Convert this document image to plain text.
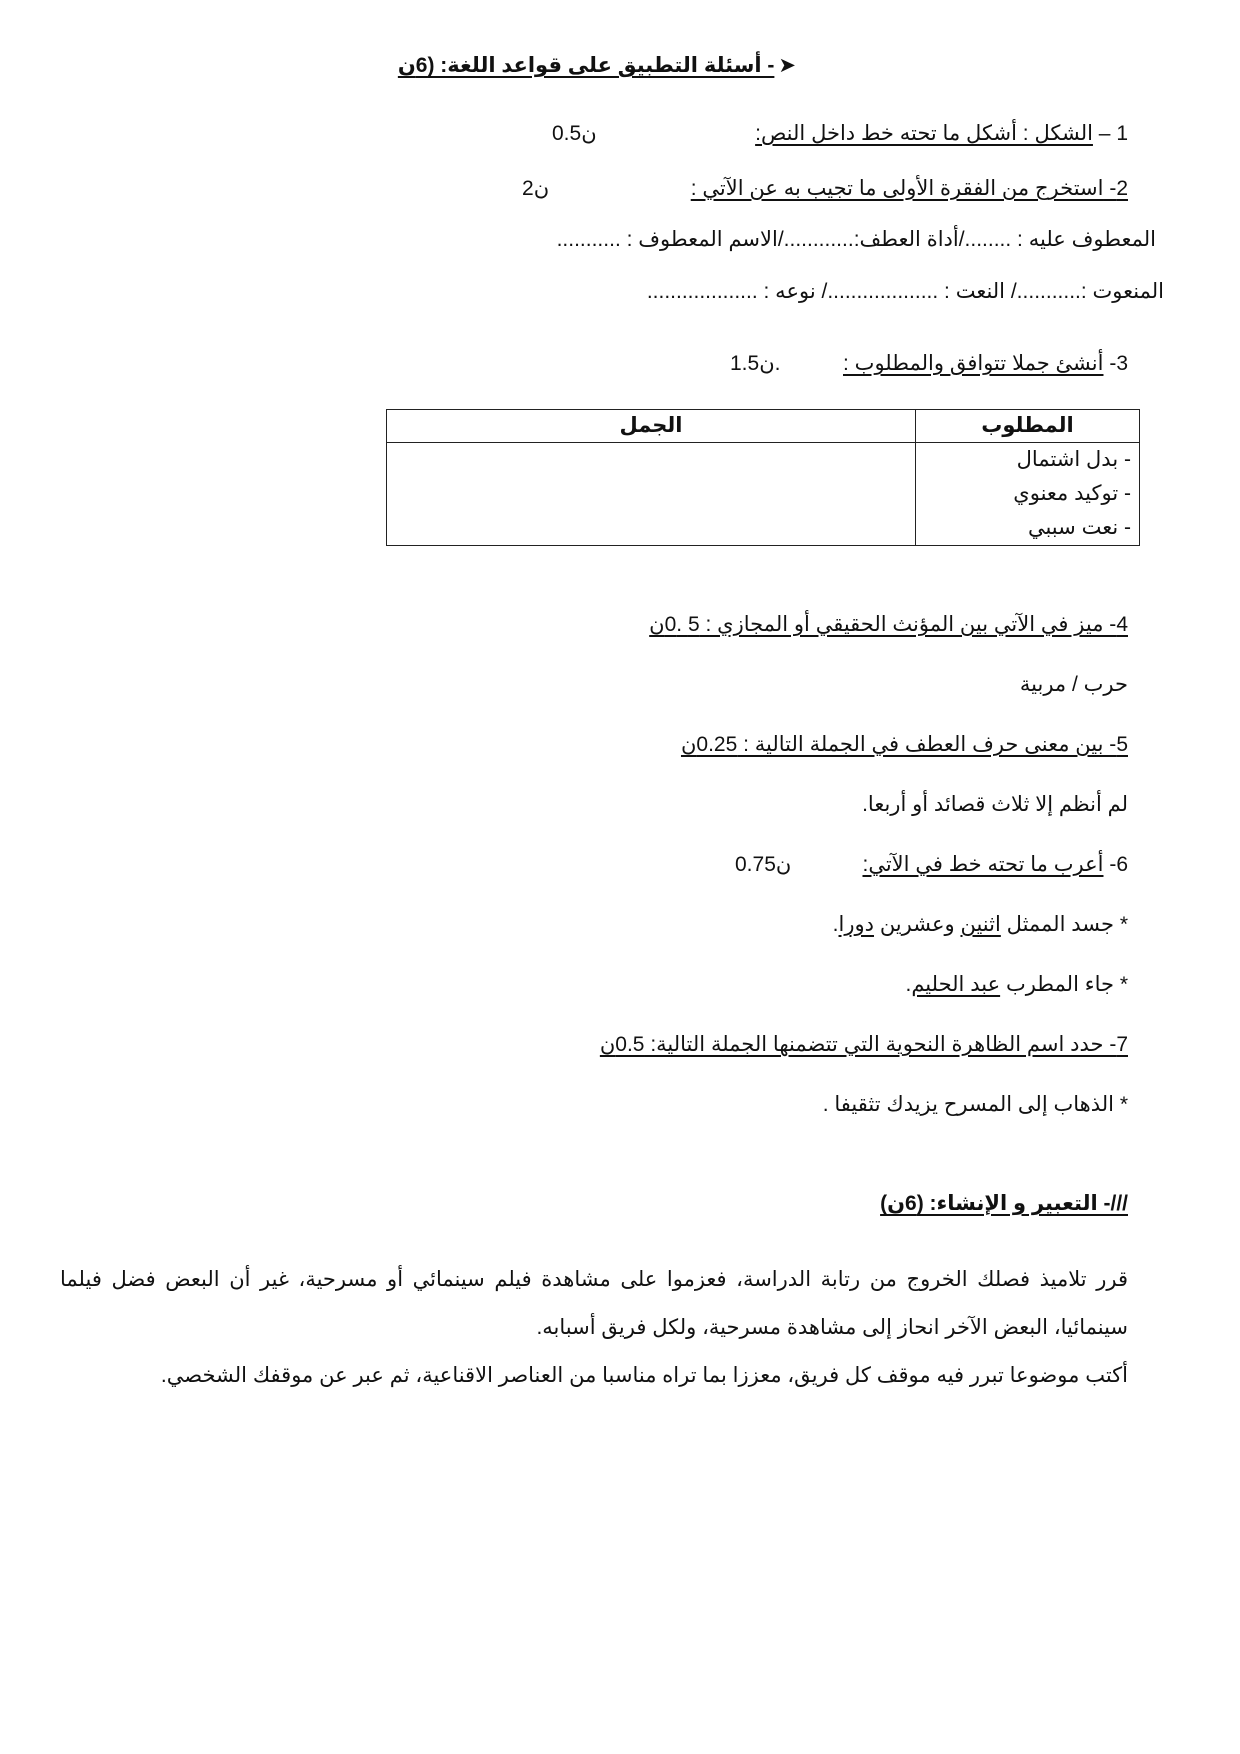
➤- أسئلة التطبيق على قواعد اللغة: (6ن
1 – الشكل : أشكل ما تحته خط داخل النص:
0.5ن
2- استخرج من الفقرة الأولى ما تجيب به عن الآتي :
2ن
المعطوف عليه : ......../أداة العطف:............/الاسم المعطوف : ...........
المنعوت :.........../ النعت : .................../ نوعه : ...................
3- أنشئ جملا تتوافق والمطلوب :
1.5ن.
المطلوب	الجمل

- بدل اشتمال
- توكيد معنوي
- نعت سببي	

4- ميز في الآتي بين المؤنث الحقيقي أو المجازي : 5 .0ن
حرب / مربية
5- بين معنى حرف العطف في الجملة التالية : 0.25ن
لم أنظم إلا ثلاث قصائد أو أربعا.
6- أعرب ما تحته خط في الآتي:
0.75ن
* جسد الممثل اثنين وعشرين دورا.
* جاء المطرب عبد الحليم.
7- حدد اسم الظاهرة النحوية التي تتضمنها الجملة التالية: 0.5ن
* الذهاب إلى المسرح يزيدك تثقيفا .
///- التعبير و الإنشاء: (6ن)
قرر تلاميذ فصلك الخروج من رتابة الدراسة، فعزموا على مشاهدة فيلم سينمائي أو مسرحية، غير أن البعض فضل فيلما سينمائيا، البعض الآخر انحاز إلى مشاهدة مسرحية، ولكل فريق أسبابه.
أكتب موضوعا تبرر فيه موقف كل فريق، معززا بما تراه مناسبا من العناصر الاقناعية، ثم عبر عن موقفك الشخصي.
